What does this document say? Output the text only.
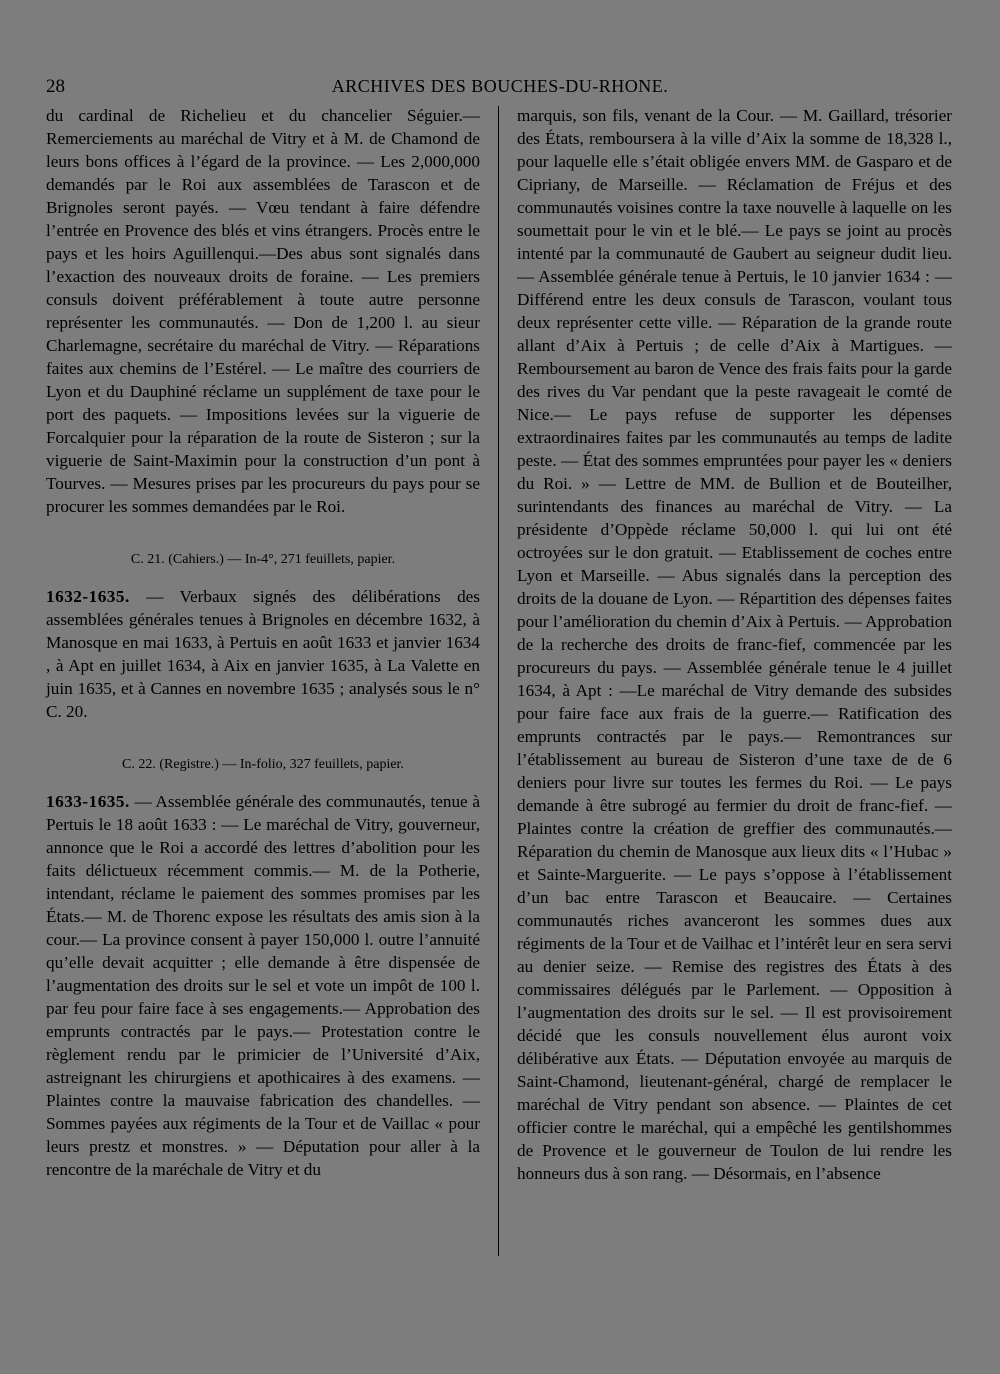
28	ARCHIVES DES BOUCHES-DU-RHONE.

du cardinal de Richelieu et du chancelier Séguier.— Remerciements au maréchal de Vitry et à M. de Chamond de leurs bons offices à l’égard de la province. — Les 2,000,000 demandés par le Roi aux assemblées de Tarascon et de Brignoles seront payés. — Vœu tendant à faire défendre l’entrée en Provence des blés et vins étrangers. Procès entre le pays et les hoirs Aguillenqui.—Des abus sont signalés dans l’exaction des nouveaux droits de foraine. — Les premiers consuls doivent préférablement à toute autre personne représenter les communautés. — Don de 1,200 l. au sieur Charlemagne, secrétaire du maréchal de Vitry. — Réparations faites aux chemins de l’Estérel. — Le maître des courriers de Lyon et du Dauphiné réclame un supplément de taxe pour le port des paquets. — Impositions levées sur la viguerie de Forcalquier pour la réparation de la route de Sisteron ; sur la viguerie de Saint-Maximin pour la construction d’un pont à Tourves. — Mesures prises par les procureurs du pays pour se procurer les sommes demandées par le Roi.

C. 21. (Cahiers.) — In-4°, 271 feuillets, papier.

1632-1635. — Verbaux signés des délibérations des assemblées générales tenues à Brignoles en décembre 1632, à Manosque en mai 1633, à Pertuis en août 1633 et janvier 1634 , à Apt en juillet 1634, à Aix en janvier 1635, à La Valette en juin 1635, et à Cannes en novembre 1635 ; analysés sous le n° C. 20.

C. 22. (Registre.) — In-folio, 327 feuillets, papier.

1633-1635. — Assemblée générale des communautés, tenue à Pertuis le 18 août 1633 : — Le maréchal de Vitry, gouverneur, annonce que le Roi a accordé des lettres d’abolition pour les faits délictueux récemment commis.— M. de la Potherie, intendant, réclame le paiement des sommes promises par les États.— M. de Thorenc expose les résultats des amis sion à la cour.— La province consent à payer 150,000 l. outre l’annuité qu’elle devait acquitter ; elle demande à être dispensée de l’augmentation des droits sur le sel et vote un impôt de 100 l. par feu pour faire face à ses engagements.— Approbation des emprunts contractés par le pays.— Protestation contre le règlement rendu par le primicier de l’Université d’Aix, astreignant les chirurgiens et apothicaires à des examens. — Plaintes contre la mauvaise fabrication des chandelles. — Sommes payées aux régiments de la Tour et de Vaillac « pour leurs prestz et monstres. » — Députation pour aller à la rencontre de la maréchale de Vitry et du

marquis, son fils, venant de la Cour. — M. Gaillard, trésorier des États, remboursera à la ville d’Aix la somme de 18,328 l., pour laquelle elle s’était obligée envers MM. de Gasparo et de Cipriany, de Marseille. — Réclamation de Fréjus et des communautés voisines contre la taxe nouvelle à laquelle on les soumettait pour le vin et le blé.— Le pays se joint au procès intenté par la communauté de Gaubert au seigneur dudit lieu. — Assemblée générale tenue à Pertuis, le 10 janvier 1634 : — Différend entre les deux consuls de Tarascon, voulant tous deux représenter cette ville. — Réparation de la grande route allant d’Aix à Pertuis ; de celle d’Aix à Martigues. — Remboursement au baron de Vence des frais faits pour la garde des rives du Var pendant que la peste ravageait le comté de Nice.— Le pays refuse de supporter les dépenses extraordinaires faites par les communautés au temps de ladite peste. — État des sommes empruntées pour payer les « deniers du Roi. » — Lettre de MM. de Bullion et de Bouteilher, surintendants des finances au maréchal de Vitry. — La présidente d’Oppède réclame 50,000 l. qui lui ont été octroyées sur le don gratuit. — Etablissement de coches entre Lyon et Marseille. — Abus signalés dans la perception des droits de la douane de Lyon. — Répartition des dépenses faites pour l’amélioration du chemin d’Aix à Pertuis. — Approbation de la recherche des droits de franc-fief, commencée par les procureurs du pays. — Assemblée générale tenue le 4 juillet 1634, à Apt : —Le maréchal de Vitry demande des subsides pour faire face aux frais de la guerre.— Ratification des emprunts contractés par le pays.— Remontrances sur l’établissement au bureau de Sisteron d’une taxe de de 6 deniers pour livre sur toutes les fermes du Roi. — Le pays demande à être subrogé au fermier du droit de franc-fief. — Plaintes contre la création de greffier des communautés.— Réparation du chemin de Manosque aux lieux dits « l’Hubac » et Sainte-Marguerite. — Le pays s’oppose à l’établissement d’un bac entre Tarascon et Beaucaire. — Certaines communautés riches avanceront les sommes dues aux régiments de la Tour et de Vailhac et l’intérêt leur en sera servi au denier seize. — Remise des registres des États à des commissaires délégués par le Parlement. — Opposition à l’augmentation des droits sur le sel. — Il est provisoirement décidé que les consuls nouvellement élus auront voix délibérative aux États. — Députation envoyée au marquis de Saint-Chamond, lieutenant-général, chargé de remplacer le maréchal de Vitry pendant son absence. — Plaintes de cet officier contre le maréchal, qui a empêché les gentilshommes de Provence et le gouverneur de Toulon de lui rendre les honneurs dus à son rang. — Désormais, en l’absence
